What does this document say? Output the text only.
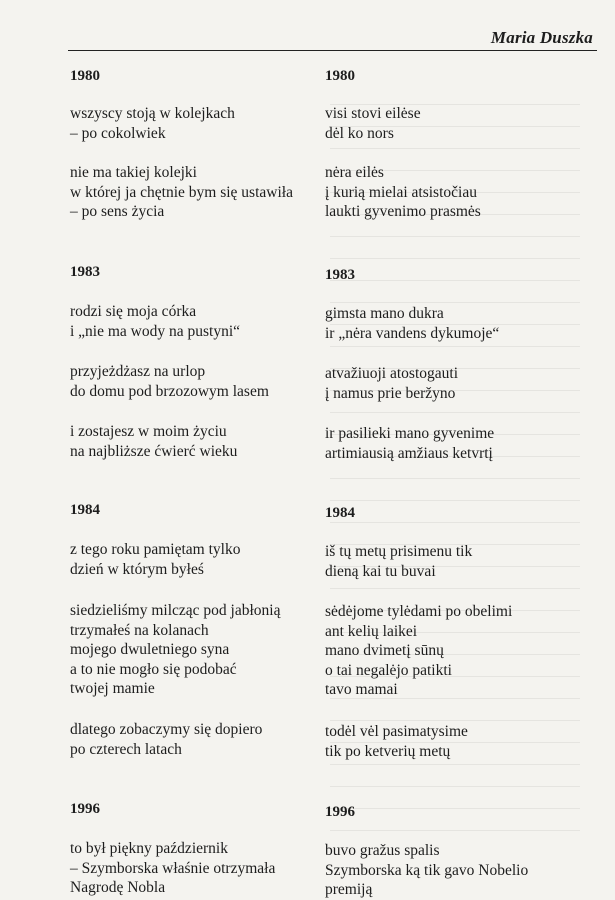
Maria Duszka
1980
wszyscy stoją w kolejkach
– po cokolwiek
nie ma takiej kolejki
w której ja chętnie bym się ustawiła
– po sens życia
1983
rodzi się moja córka
i „nie ma wody na pustyni“
przyjeżdżasz na urlop
do domu pod brzozowym lasem
i zostajesz w moim życiu
na najbliższe ćwierć wieku
1984
z tego roku pamiętam tylko
dzień w którym byłeś
siedzieliśmy milcząc pod jabłonią
trzymałeś na kolanach
mojego dwuletniego syna
a to nie mogło się podobać
twojej mamie
dlatego zobaczymy się dopiero
po czterech latach
1996
to był piękny październik
– Szymborska właśnie otrzymała
Nagrodę Nobla
1980
visi stovi eilėse
dėl ko nors
nėra eilės
į kurią mielai atsistočiau
laukti gyvenimo prasmės
1983
gimsta mano dukra
ir „nėra vandens dykumoje“
atvažiuoji atostogauti
į namus prie beržyno
ir pasilieki mano gyvenime
artimiausią amžiaus ketvrtį
1984
iš tų metų prisimenu tik
dieną kai tu buvai
sėdėjome tylėdami po obelimi
ant kelių laikei
mano dvimetį sūnų
o tai negalėjo patikti
tavo mamai
todėl vėl pasimatysime
tik po ketverių metų
1996
buvo gražus spalis
Szymborska ką tik gavo Nobelio
premiją
